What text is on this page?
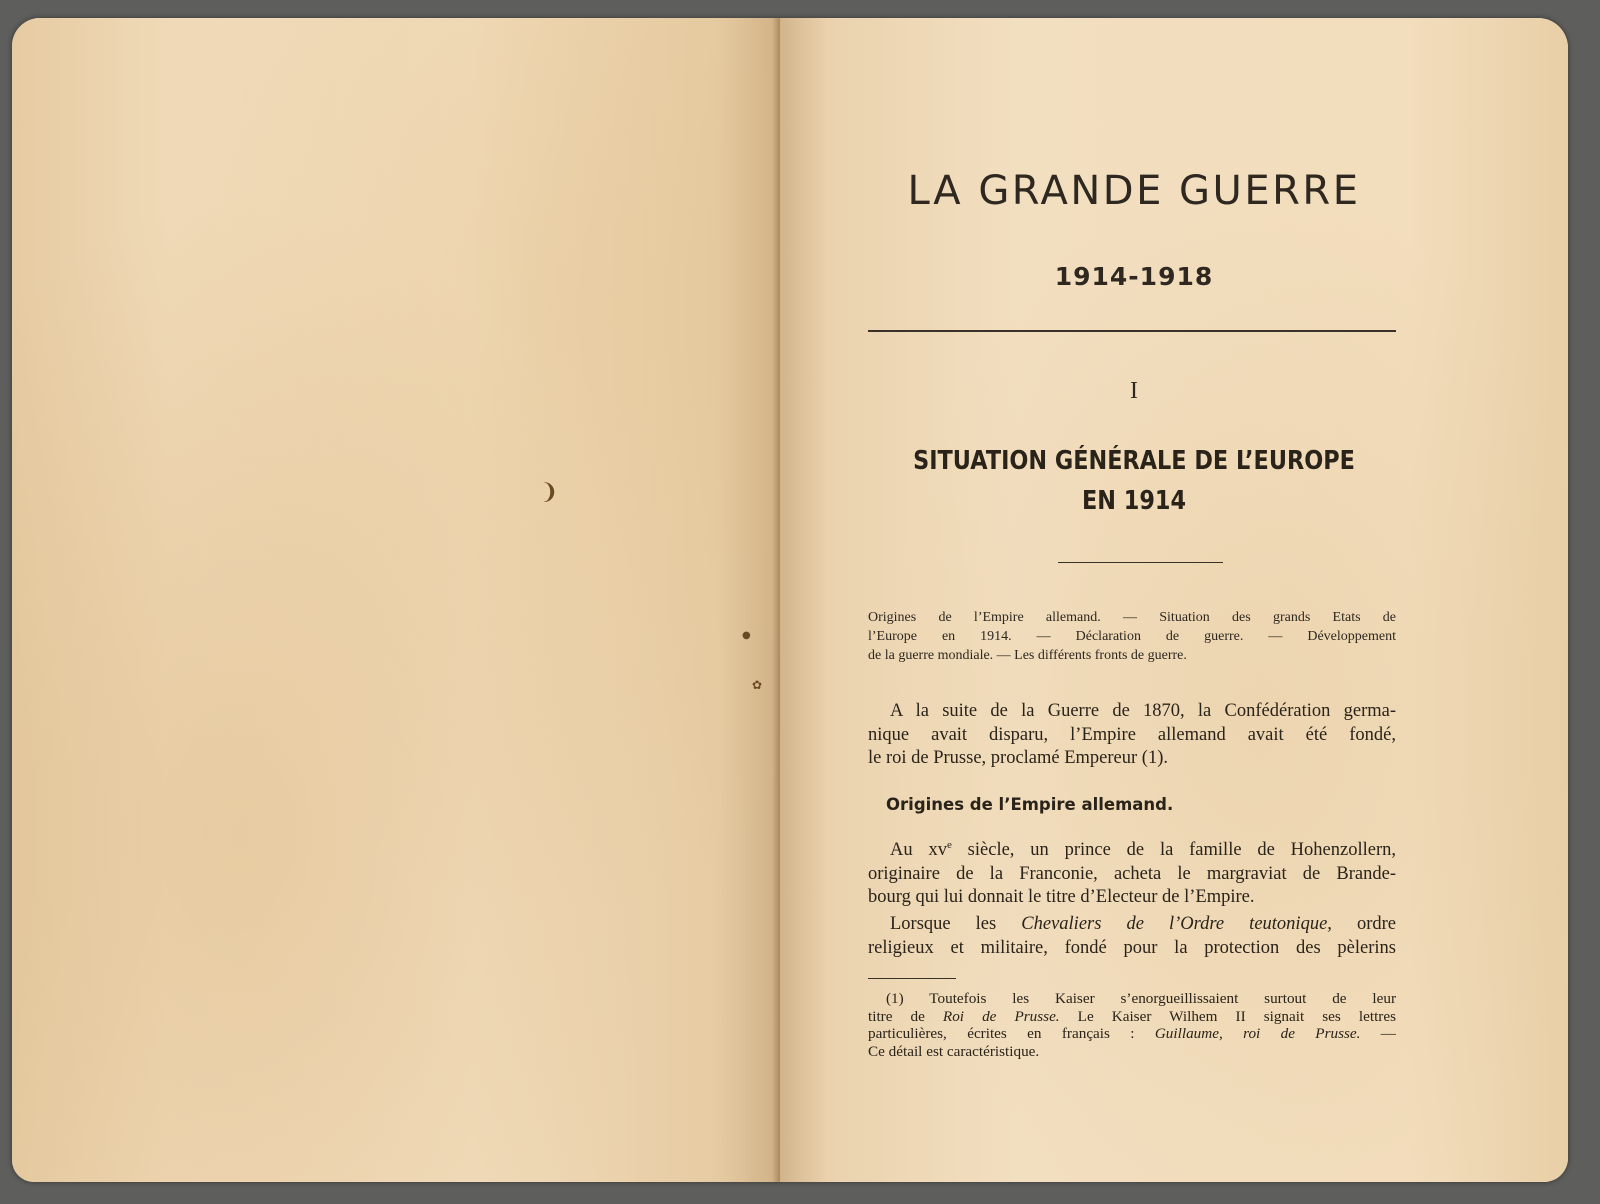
❩
●
✿
LA GRANDE GUERRE
1914-1918
I
SITUATION GÉNÉRALE DE L’EUROPE
EN 1914
Origines de l’Empire allemand. — Situation des grands Etats de
l’Europe en 1914. — Déclaration de guerre. — Développement
de la guerre mondiale. — Les différents fronts de guerre.
A la suite de la Guerre de 1870, la Confédération germa-
nique avait disparu, l’Empire allemand avait été fondé,
le roi de Prusse, proclamé Empereur (1).
Origines de l’Empire allemand.
Au $xv^e$ siècle, un prince de la famille de Hohenzollern,
originaire de la Franconie, acheta le margraviat de Brande-
bourg qui lui donnait le titre d’Electeur de l’Empire.
Lorsque les Chevaliers de l’Ordre teutonique, ordre
religieux et militaire, fondé pour la protection des pèlerins
(1) Toutefois les Kaiser s’enorgueillissaient surtout de leur
titre de Roi de Prusse. Le Kaiser Wilhem II signait ses lettres
particulières, écrites en français : Guillaume, roi de Prusse. —
Ce détail est caractéristique.
